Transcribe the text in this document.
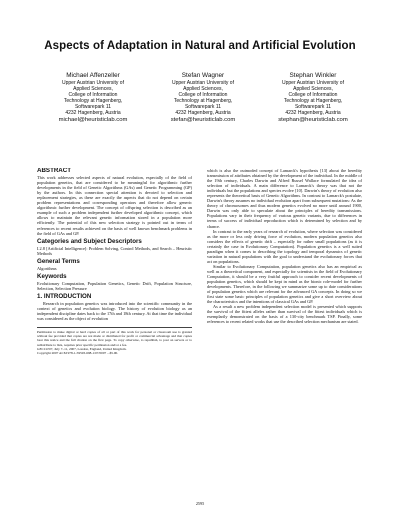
Aspects of Adaptation in Natural and Artificial Evolution
Michael Affenzeller
Upper Austrian University of
Applied Sciences,
College of Information
Technology at Hagenberg,
Softwarepark 11
4232 Hagenberg, Austria
michael@heuristiclab.com
Stefan Wagner
Upper Austrian University of
Applied Sciences,
College of Information
Technology at Hagenberg,
Softwarepark 11
4232 Hagenberg, Austria
stefan@heuristiclab.com
Stephan Winkler
Upper Austrian University of
Applied Sciences,
College of Information
Technology at Hagenberg,
Softwarepark 11
4232 Hagenberg, Austria
stephan@heuristiclab.com
ABSTRACT

This work addresses selected aspects of natural evolution, especially of the field of population genetics, that are considered to be meaningful for algorithmic further developments in the field of Genetic Algorithms (GAs) and Genetic Programming (GP) by the authors. In this connection special attention is devoted to selection and replacement strategies, as these are exactly the aspects that do not depend on certain problem representations and corresponding operators and therefore allow generic algorithmic further development. The concept of offspring selection is described as an example of such a problem independent further developed algorithmic concept, which allows to maintain the relevant genetic information stored in a population more efficiently. The potential of this new selection strategy is pointed out in terms of references to recent results achieved on the basis of well known benchmark problems in the field of GAs and GP.

Categories and Subject Descriptors

I.2.8 [Artificial Intelligence]: Problem Solving, Control Methods, and Search – Heuristic Methods

General Terms

Algorithms

Keywords

Evolutionary Computation, Population Genetics, Genetic Drift, Population Structure, Selection, Selection Pressure

1. INTRODUCTION

Research in population genetics was introduced into the scientific community in the context of genetics and evolution biology. The history of evolution biology as an independent discipline dates back to the 17th and 18th century. At that time the individual was considered as the object of evolution

Permission to make digital or hard copies of all or part of this work for personal or classroom use is granted without fee provided that copies are not made or distributed for profit or commercial advantage and that copies bear this notice and the full citation on the first page. To copy otherwise, to republish, to post on servers or to redistribute to lists, requires prior specific permission and/or a fee.

GECCO'07, July 7–11, 2007, London, England, United Kingdom.

Copyright 2007 ACM 978-1-59593-698-1/07/0007 ...$5.00.

which is also the outmoded concept of Lamarck's hypothesis [13] about the heredity transmission of attributes obtained by the development of the individual. In the middle of the 19th century, Charles Darwin and Alfred Russel Wallace formulated the idea of selection of individuals. A main difference to Lamarck's theory was that not the individuals but the populations and species evolve [10]. Darwin's theory of evolution also represents the theoretical basis of Genetic Algorithms. In contrast to Lamarck's postulate, Darwin's theory assumes no individual evolution apart from subsequent mutations: As the theory of chromosomes and thus modern genetics evolved no more until around 1900, Darwin was only able to speculate about the principles of heredity transmissions. Populations vary in their frequency of various genetic variants, due to differences in terms of success of individual reproduction which is determined by selection and by chance.

In contrast to the early years of research of evolution, where selection was considered as the more or less only driving force of evolution, modern population genetics also considers the effects of genetic drift – especially for rather small populations (as it is certainly the case in Evolutionary Computation). Population genetics is a well suited paradigm when it comes to describing the topology and temporal dynamics of genetic variation in natural populations with the goal to understand the evolutionary forces that act on populations.

Similar to Evolutionary Computation, population genetics also has an empirical as well as a theoretical component, and especially for scientists in the field of Evolutionary Computation, it should be a very fruitful approach to consider recent developments of population genetics, which should be kept in mind as the bionic role-model for further developments. Therefore, in the following we summarize some up to date considerations of population genetics which are relevant for the advanced GA concepts. In doing so we first state some basic principles of population genetics and give a short overview about the characteristics and the intentions of classical GAs and GP.

As a result a new problem independent selection model is presented which supports the survival of the fittest alleles rather than survival of the fittest individuals which is exemplarily demonstrated on the basis of a 130-city benchmark TSP. Finally, some references to recent related works that use the described selection mechanism are stated.

2595
